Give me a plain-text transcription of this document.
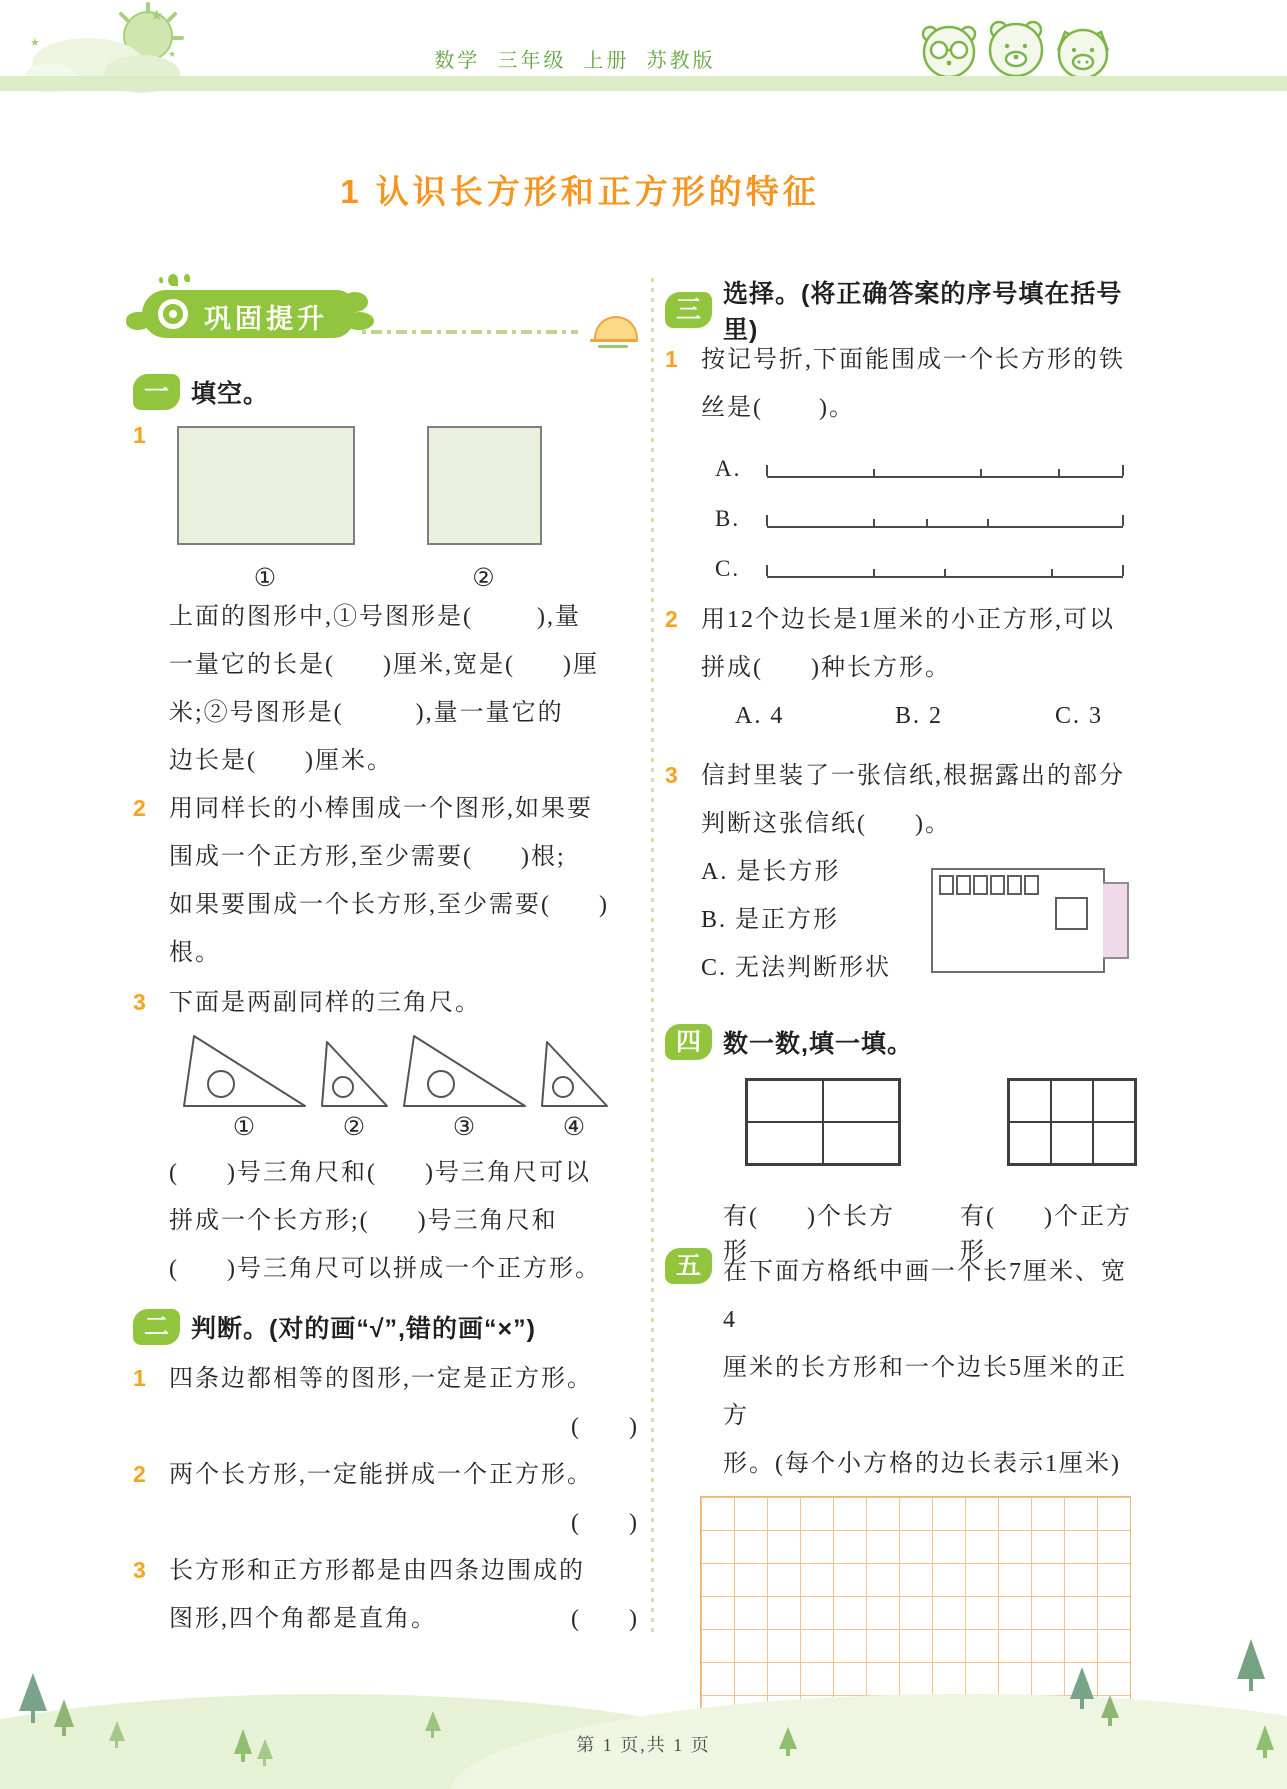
★
★
★	数学  三年级  上册  苏教版
1 认识长方形和正方形的特征
巩固提升
一 填空。
1
①	②
上面的图形中,①号图形是(        ),量
一量它的长是(      )厘米,宽是(      )厘
米;②号图形是(         ),量一量它的
边长是(      )厘米。
2 用同样长的小棒围成一个图形,如果要
围成一个正方形,至少需要(      )根;
如果要围成一个长方形,至少需要(      )
根。
3 下面是两副同样的三角尺。
①	②	③	④
(      )号三角尺和(      )号三角尺可以
拼成一个长方形;(      )号三角尺和
(      )号三角尺可以拼成一个正方形。
二 判断。(对的画“√”,错的画“×”)
1 四条边都相等的图形,一定是正方形。
(      )
2 两个长方形,一定能拼成一个正方形。
(      )
3 长方形和正方形都是由四条边围成的
图形,四个角都是直角。	(      )
三
选择。(将正确答案的序号填在括号里)
1 按记号折,下面能围成一个长方形的铁
丝是(       )。
A.
B.
C.
2 用12个边长是1厘米的小正方形,可以
拼成(      )种长方形。
A. 4	B. 2	C. 3
3 信封里装了一张信纸,根据露出的部分
判断这张信纸(      )。
A. 是长方形
B. 是正方形
C. 无法判断形状
四 数一数,填一填。
有(      )个长方形
有(      )个正方形
五 在下面方格纸中画一个长7厘米、宽4
厘米的长方形和一个边长5厘米的正方
形。(每个小方格的边长表示1厘米)
第 1 页,共 1 页
